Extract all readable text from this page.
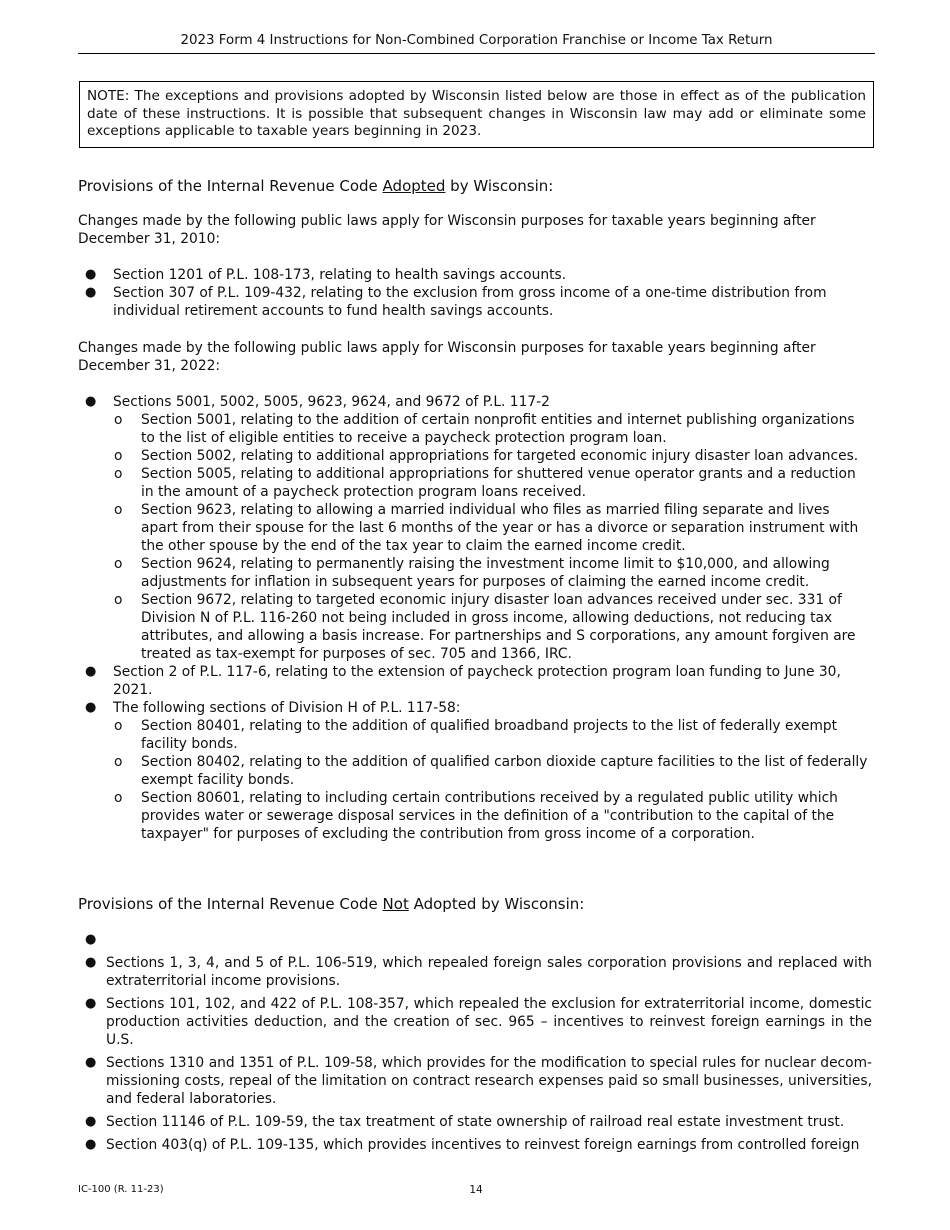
2023 Form 4 Instructions for Non-Combined Corporation Franchise or Income Tax Return
NOTE: The exceptions and provisions adopted by Wisconsin listed below are those in effect as of the publication date of these instructions. It is possible that subsequent changes in Wisconsin law may add or eliminate some exceptions applicable to taxable years beginning in 2023.
Provisions of the Internal Revenue Code Adopted by Wisconsin:
Changes made by the following public laws apply for Wisconsin purposes for taxable years beginning after December 31, 2010:
● Section 1201 of P.L. 108-173, relating to health savings accounts.
● Section 307 of P.L. 109-432, relating to the exclusion from gross income of a one-time distribution from individual retirement accounts to fund health savings accounts.
Changes made by the following public laws apply for Wisconsin purposes for taxable years beginning after December 31, 2022:
● Sections 5001, 5002, 5005, 9623, 9624, and 9672 of P.L. 117-2
o Section 5001, relating to the addition of certain nonprofit entities and internet publishing organizations to the list of eligible entities to receive a paycheck protection program loan.
o Section 5002, relating to additional appropriations for targeted economic injury disaster loan advances.
o Section 5005, relating to additional appropriations for shuttered venue operator grants and a reduction in the amount of a paycheck protection program loans received.
o Section 9623, relating to allowing a married individual who files as married filing separate and lives apart from their spouse for the last 6 months of the year or has a divorce or separation instrument with the other spouse by the end of the tax year to claim the earned income credit.
o Section 9624, relating to permanently raising the investment income limit to $10,000, and allowing adjustments for inflation in subsequent years for purposes of claiming the earned income credit.
o Section 9672, relating to targeted economic injury disaster loan advances received under sec. 331 of Division N of P.L. 116-260 not being included in gross income, allowing deductions, not reducing tax attributes, and allowing a basis increase. For partnerships and S corporations, any amount forgiven are treated as tax-exempt for purposes of sec. 705 and 1366, IRC.
● Section 2 of P.L. 117-6, relating to the extension of paycheck protection program loan funding to June 30, 2021.
● The following sections of Division H of P.L. 117-58:
o Section 80401, relating to the addition of qualified broadband projects to the list of federally exempt facility bonds.
o Section 80402, relating to the addition of qualified carbon dioxide capture facilities to the list of federally exempt facility bonds.
o Section 80601, relating to including certain contributions received by a regulated public utility which provides water or sewerage disposal services in the definition of a "contribution to the capital of the taxpayer" for purposes of excluding the contribution from gross income of a corporation.
Provisions of the Internal Revenue Code Not Adopted by Wisconsin:
●

● Sections 1, 3, 4, and 5 of P.L. 106-519, which repealed foreign sales corporation provisions and replaced with extraterritorial income provisions.
● Sections 101, 102, and 422 of P.L. 108-357, which repealed the exclusion for extraterritorial income, domestic production activities deduction, and the creation of sec. 965 – incentives to reinvest foreign earnings in the U.S.
● Sections 1310 and 1351 of P.L. 109-58, which provides for the modification to special rules for nuclear decom-missioning costs, repeal of the limitation on contract research expenses paid so small businesses, universities, and federal laboratories.
● Section 11146 of P.L. 109-59, the tax treatment of state ownership of railroad real estate investment trust.
● Section 403(q) of P.L. 109-135, which provides incentives to reinvest foreign earnings from controlled foreign
IC-100 (R. 11-23)	14
